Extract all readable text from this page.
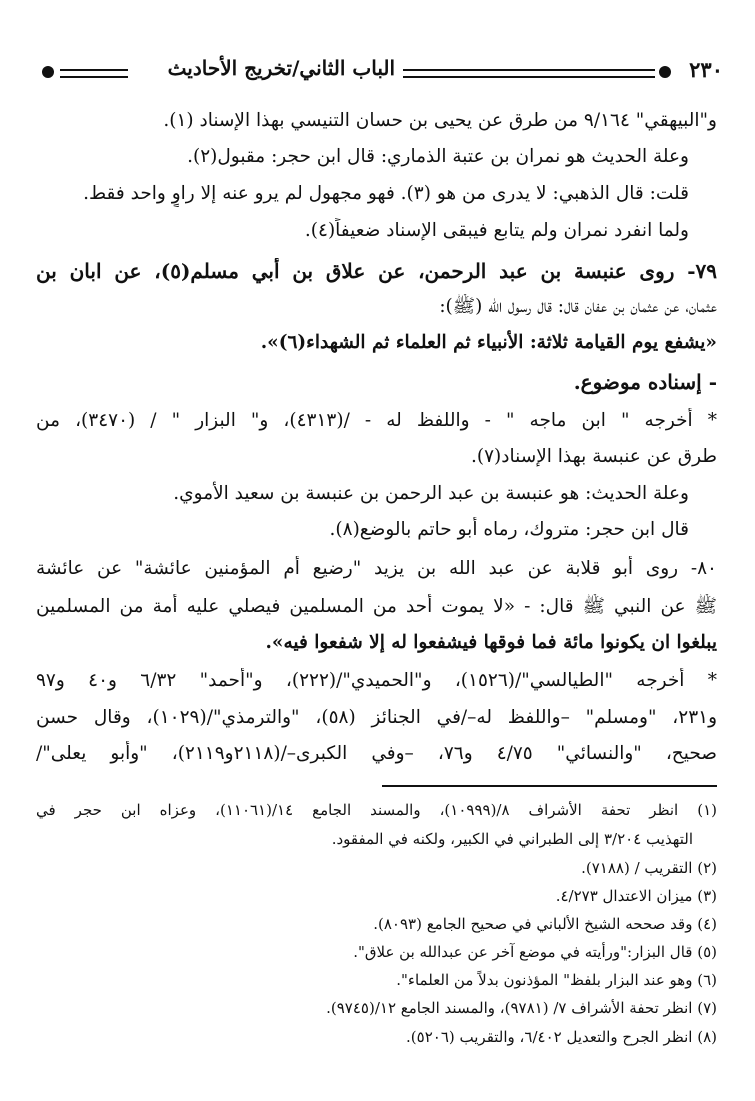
٢٣٠
الباب الثاني/تخريج الأحاديث
و"البيهقي" ٩/١٦٤ من طرق عن يحيى بن حسان التنيسي بهذا الإسناد (١).
وعلة الحديث هو نمران بن عتبة الذماري: قال ابن حجر: مقبول(٢).
قلت: قال الذهبي: لا يدرى من هو (٣). فهو مجهول لم يرو عنه إلا راوٍ واحد فقط.
ولما انفرد نمران ولم يتابع فيبقى الإسناد ضعيفاً(٤).
٧٩- روى عنبسة بن عبد الرحمن، عن علاق بن أبي مسلم(٥)، عن ابان بن
عثمان، عن عثمان بن عفان قال: قال رسول الله (ﷺ):
«يشفع يوم القيامة ثلاثة: الأنبياء ثم العلماء ثم الشهداء(٦)».
- إسناده موضوع.
* أخرجه " ابن ماجه " - واللفظ له - /(٤٣١٣)، و" البزار " / (٣٤٧٠)، من
طرق عن عنبسة بهذا الإسناد(٧).
وعلة الحديث: هو عنبسة بن عبد الرحمن بن عنبسة بن سعيد الأموي.
قال ابن حجر: متروك، رماه أبو حاتم بالوضع(٨).
٨٠- روى أبو قلابة عن عبد الله بن يزيد "رضيع أم المؤمنين عائشة" عن عائشة
ﷺ عن النبي ﷺ قال: - «لا يموت أحد من المسلمين فيصلي عليه أمة من المسلمين
يبلغوا ان يكونوا مائة فما فوقها فيشفعوا له إلا شفعوا فيه».
* أخرجه "الطيالسي"/(١٥٢٦)، و"الحميدي"/(٢٢٢)، و"أحمد" ٦/٣٢ و٤٠ و٩٧
و٢٣١، "ومسلم" –واللفظ له–/في الجنائز (٥٨)، "والترمذي"/(١٠٢٩)، وقال حسن
صحيح، "والنسائي" ٤/٧٥ و٧٦، –وفي الكبرى–/(٢١١٨و٢١١٩)، "وأبو يعلى"/
(١) انظر تحفة الأشراف ٨/(١٠٩٩٩)، والمسند الجامع ١٤/(١١٠٦١)، وعزاه ابن حجر في
التهذيب ٣/٢٠٤ إلى الطبراني في الكبير، ولكنه في المفقود.
(٢) التقريب / (٧١٨٨).
(٣) ميزان الاعتدال ٤/٢٧٣.
(٤) وقد صححه الشيخ الألباني في صحيح الجامع (٨٠٩٣).
(٥) قال البزار:"ورأيته في موضع آخر عن عبدالله بن علاق".
(٦) وهو عند البزار بلفظ" المؤذنون بدلاً من العلماء".
(٧) انظر تحفة الأشراف ٧/ (٩٧٨١)، والمسند الجامع ١٢/(٩٧٤٥).
(٨) انظر الجرح والتعديل ٦/٤٠٢، والتقريب (٥٢٠٦).
